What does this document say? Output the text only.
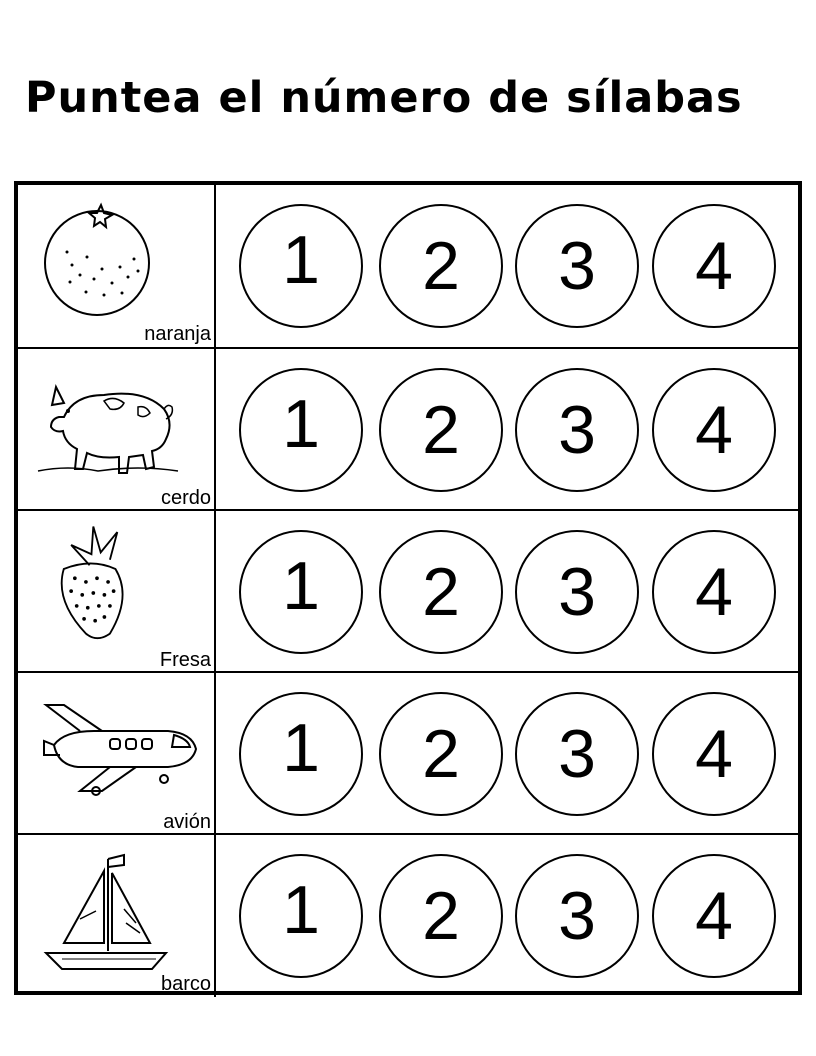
Puntea el número de sílabas
naranja
1 2 3 4
cerdo
1 2 3 4
Fresa
1 2 3 4
avión
1 2 3 4
barco
1 2 3 4
